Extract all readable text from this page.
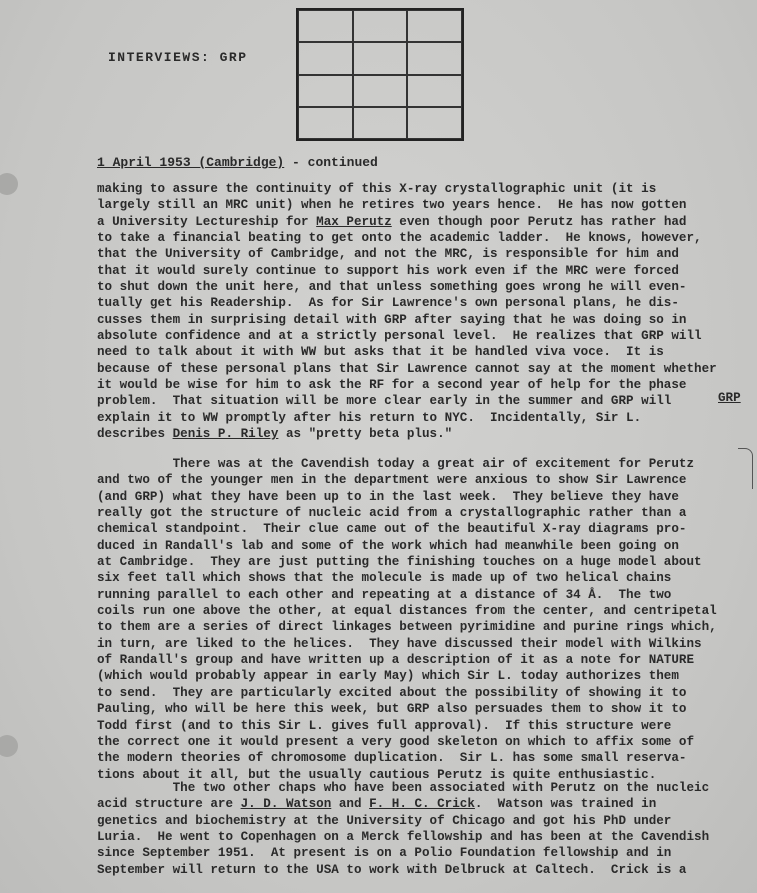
INTERVIEWS: GRP
1 April 1953 (Cambridge) - continued
making to assure the continuity of this X-ray crystallographic unit (it is
largely still an MRC unit) when he retires two years hence.  He has now gotten
a University Lectureship for Max Perutz even though poor Perutz has rather had
to take a financial beating to get onto the academic ladder.  He knows, however,
that the University of Cambridge, and not the MRC, is responsible for him and
that it would surely continue to support his work even if the MRC were forced
to shut down the unit here, and that unless something goes wrong he will even-
tually get his Readership.  As for Sir Lawrence's own personal plans, he dis-
cusses them in surprising detail with GRP after saying that he was doing so in
absolute confidence and at a strictly personal level.  He realizes that GRP will
need to talk about it with WW but asks that it be handled viva voce.  It is
because of these personal plans that Sir Lawrence cannot say at the moment whether
it would be wise for him to ask the RF for a second year of help for the phase
problem.  That situation will be more clear early in the summer and GRP will
explain it to WW promptly after his return to NYC.  Incidentally, Sir L.
describes Denis P. Riley as "pretty beta plus."
There was at the Cavendish today a great air of excitement for Perutz
and two of the younger men in the department were anxious to show Sir Lawrence
(and GRP) what they have been up to in the last week.  They believe they have
really got the structure of nucleic acid from a crystallographic rather than a
chemical standpoint.  Their clue came out of the beautiful X-ray diagrams pro-
duced in Randall's lab and some of the work which had meanwhile been going on
at Cambridge.  They are just putting the finishing touches on a huge model about
six feet tall which shows that the molecule is made up of two helical chains
running parallel to each other and repeating at a distance of 34 Å.  The two
coils run one above the other, at equal distances from the center, and centripetal
to them are a series of direct linkages between pyrimidine and purine rings which,
in turn, are liked to the helices.  They have discussed their model with Wilkins
of Randall's group and have written up a description of it as a note for NATURE
(which would probably appear in early May) which Sir L. today authorizes them
to send.  They are particularly excited about the possibility of showing it to
Pauling, who will be here this week, but GRP also persuades them to show it to
Todd first (and to this Sir L. gives full approval).  If this structure were
the correct one it would present a very good skeleton on which to affix some of
the modern theories of chromosome duplication.  Sir L. has some small reserva-
tions about it all, but the usually cautious Perutz is quite enthusiastic.
The two other chaps who have been associated with Perutz on the nucleic
acid structure are J. D. Watson and F. H. C. Crick.  Watson was trained in
genetics and biochemistry at the University of Chicago and got his PhD under
Luria.  He went to Copenhagen on a Merck fellowship and has been at the Cavendish
since September 1951.  At present is on a Polio Foundation fellowship and in
September will return to the USA to work with Delbruck at Caltech.  Crick is a
GRP
